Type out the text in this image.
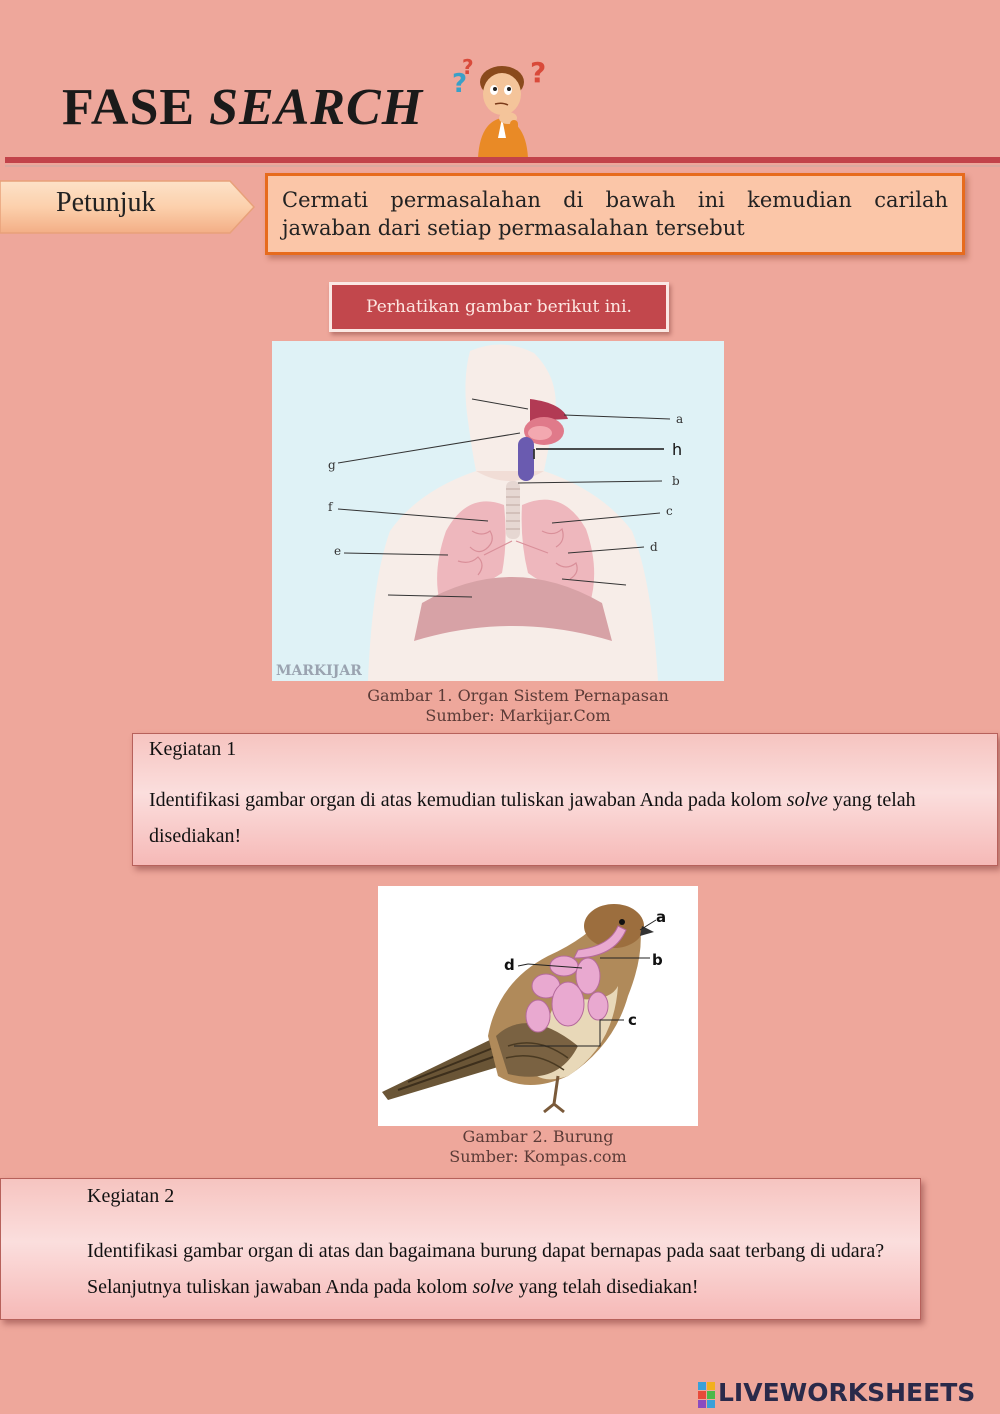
FASE SEARCH ?
? ?
Petunjuk	Cermati permasalahan di bawah ini kemudian carilah jawaban dari setiap permasalahan tersebut
Perhatikan gambar berikut ini.
a
h
b
c
d
g
f
e
MARKIJAR
Gambar 1. Organ Sistem Pernapasan
Sumber: Markijar.Com
Kegiatan 1
Identifikasi gambar organ di atas kemudian tuliskan jawaban Anda pada kolom solve yang telah disediakan!
a
b
c
d
Gambar 2. Burung
Sumber: Kompas.com
Kegiatan 2
Identifikasi gambar organ di atas dan bagaimana burung dapat bernapas pada saat terbang di udara? Selanjutnya tuliskan jawaban Anda pada kolom solve yang telah disediakan!
LIVEWORKSHEETS
